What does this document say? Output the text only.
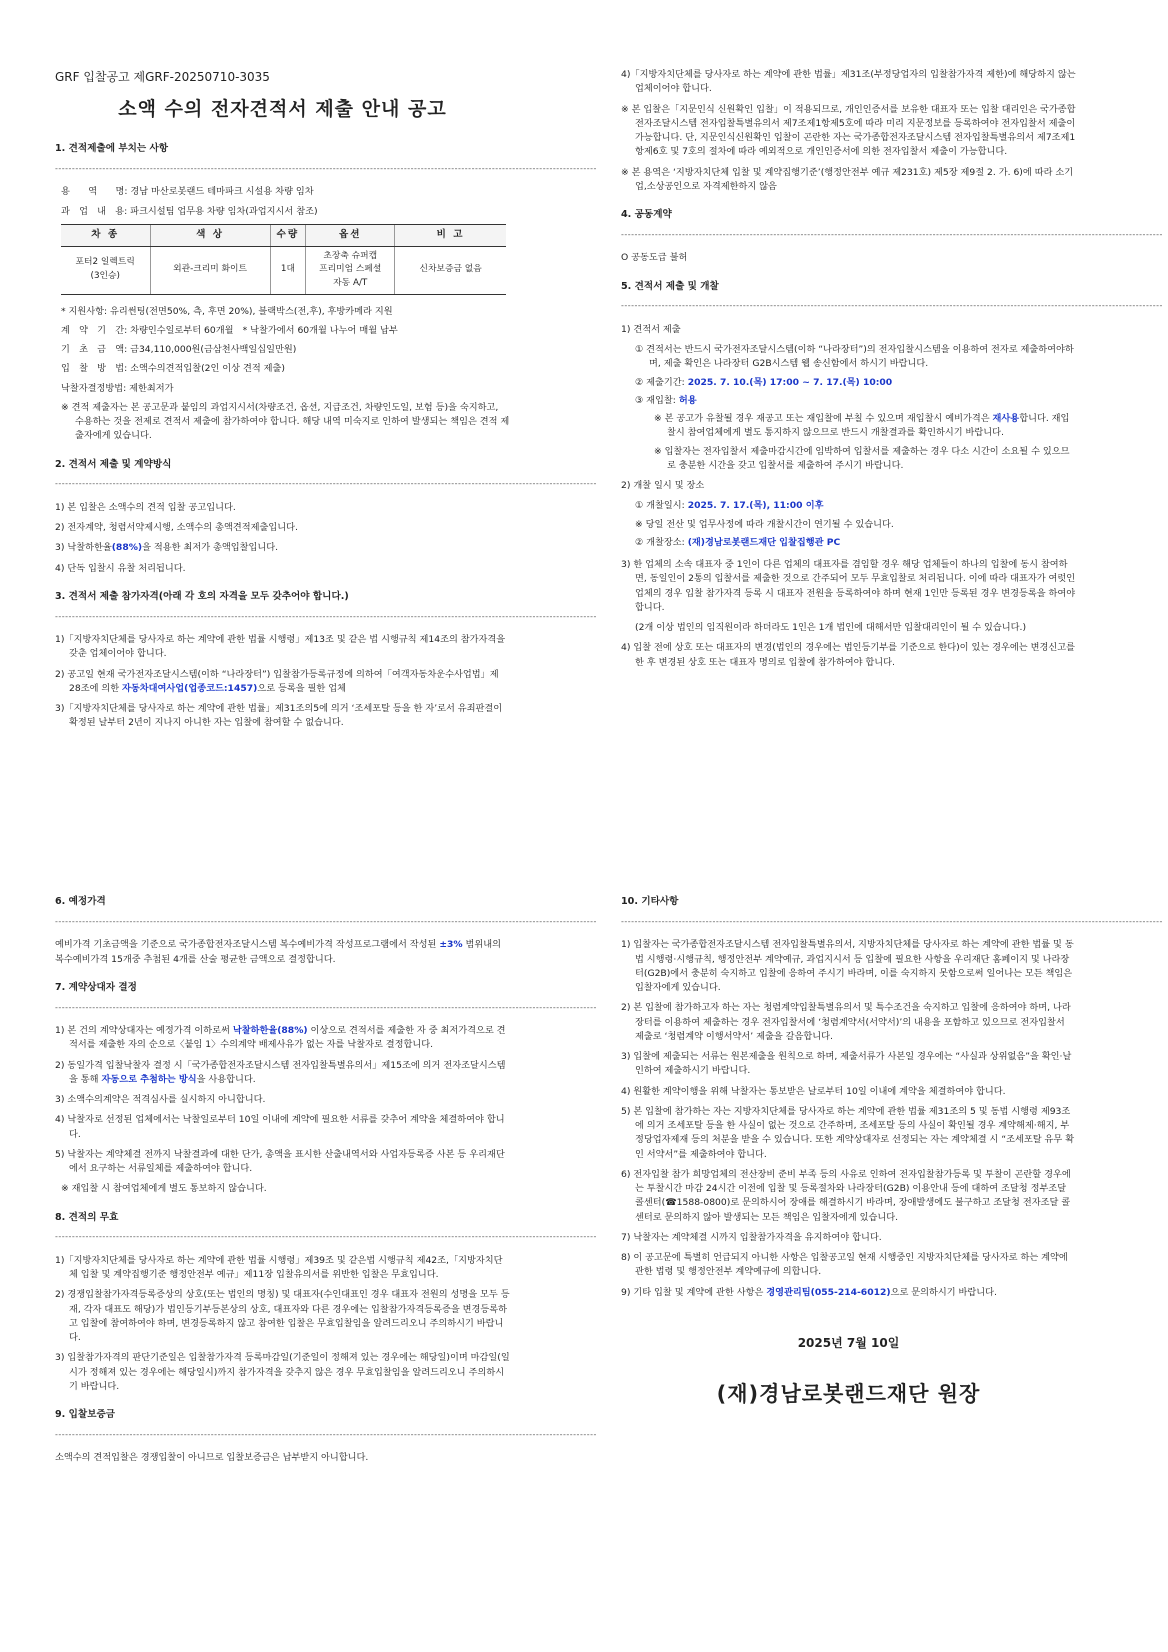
GRF 입찰공고 제GRF-20250710-3035
소액 수의 전자견적서 제출 안내 공고
1. 견적제출에 부치는 사항
----------------------------------------------------------------------------------------------------------------------------------------------------------------
용　　역　　명: 경남 마산로봇랜드 테마파크 시설용 차량 임차
과　업　내　용: 파크시설팀 업무용 차량 임차(과업지시서 참조)
차 종	색 상	수량	옵션	비 고
포터2 일렉트릭
(3인승)	외관-크리미 화이트	1대	초장축 슈퍼캡
프리미엄 스페셜
자동 A/T	신차보증금 없음
* 지원사항: 유리썬팅(전면50%, 측, 후면 20%), 블랙박스(전,후), 후방카메라 지원
계　약　기　간: 차량인수일로부터 60개월　* 낙찰가에서 60개월 나누어 매월 납부
기　초　금　액: 금34,110,000원(금삼천사백일십일만원)
입　찰　방　법: 소액수의견적입찰(2인 이상 견적 제출)
낙찰자결정방법: 제한최저가
※ 견적 제출자는 본 공고문과 붙임의 과업지시서(차량조건, 옵션, 지급조건, 차량인도일, 보험 등)을 숙지하고, 수용하는 것을 전제로 견적서 제출에 참가하여야 합니다. 해당 내역 미숙지로 인하여 발생되는 책임은 견적 제출자에게 있습니다.
2. 견적서 제출 및 계약방식
----------------------------------------------------------------------------------------------------------------------------------------------------------------
1) 본 입찰은 소액수의 견적 입찰 공고입니다.
2) 전자계약, 청렴서약제시행, 소액수의 총액견적제출입니다.
3) 낙찰하한율(88%)을 적용한 최저가 총액입찰입니다.
4) 단독 입찰시 유찰 처리됩니다.
3. 견적서 제출 참가자격(아래 각 호의 자격을 모두 갖추어야 합니다.)
----------------------------------------------------------------------------------------------------------------------------------------------------------------
1)「지방자치단체를 당사자로 하는 계약에 관한 법률 시행령」제13조 및 같은 법 시행규칙 제14조의 참가자격을 갖춘 업체이어야 합니다.
2) 공고일 현재 국가전자조달시스템(이하 “나라장터”) 입찰참가등록규정에 의하여「여객자동차운수사업법」제28조에 의한 자동차대여사업(업종코드:1457)으로 등록을 필한 업체
3)「지방자치단체를 당사자로 하는 계약에 관한 법률」제31조의5에 의거 ‘조세포탈 등을 한 자’로서 유죄판결이 확정된 날부터 2년이 지나지 아니한 자는 입찰에 참여할 수 없습니다.
4)「지방자치단체를 당사자로 하는 계약에 관한 법률」제31조(부정당업자의 입찰참가자격 제한)에 해당하지 않는 업체이어야 합니다.
※ 본 입찰은「지문인식 신원확인 입찰」이 적용되므로, 개인인증서를 보유한 대표자 또는 입찰 대리인은 국가종합전자조달시스템 전자입찰특별유의서 제7조제1항제5호에 따라 미리 지문정보를 등록하여야 전자입찰서 제출이 가능합니다. 단, 지문인식신원확인 입찰이 곤란한 자는 국가종합전자조달시스템 전자입찰특별유의서 제7조제1항제6호 및 7호의 절차에 따라 예외적으로 개인인증서에 의한 전자입찰서 제출이 가능합니다.
※ 본 용역은 ‘지방자치단체 입찰 및 계약집행기준’(행정안전부 예규 제231호) 제5장 제9절 2. 가. 6)에 따라 소기업,소상공인으로 자격제한하지 않음
4. 공동계약
----------------------------------------------------------------------------------------------------------------------------------------------------------------
O 공동도급 불허
5. 견적서 제출 및 개찰
----------------------------------------------------------------------------------------------------------------------------------------------------------------
1) 견적서 제출
① 견적서는 반드시 국가전자조달시스템(이하 “나라장터”)의 전자입찰시스템을 이용하여 전자로 제출하여야하며, 제출 확인은 나라장터 G2B시스템 웹 송신함에서 하시기 바랍니다.
② 제출기간: 2025. 7. 10.(목) 17:00 ~ 7. 17.(목) 10:00
③ 재입찰: 허용
※ 본 공고가 유찰될 경우 재공고 또는 재입찰에 부칠 수 있으며 재입찰시 예비가격은 재사용합니다. 재입찰시 참여업체에게 별도 통지하지 않으므로 반드시 개찰결과를 확인하시기 바랍니다.
※ 입찰자는 전자입찰서 제출마감시간에 임박하여 입찰서를 제출하는 경우 다소 시간이 소요될 수 있으므로 충분한 시간을 갖고 입찰서를 제출하여 주시기 바랍니다.
2) 개찰 일시 및 장소
① 개찰일시: 2025. 7. 17.(목), 11:00 이후
※ 당일 전산 및 업무사정에 따라 개찰시간이 연기될 수 있습니다.
② 개찰장소: (재)경남로봇랜드재단 입찰집행관 PC
3) 한 업체의 소속 대표자 중 1인이 다른 업체의 대표자를 겸임할 경우 해당 업체들이 하나의 입찰에 동시 참여하면, 동일인이 2통의 입찰서를 제출한 것으로 간주되어 모두 무효입찰로 처리됩니다. 이에 따라 대표자가 여럿인 업체의 경우 입찰 참가자격 등록 시 대표자 전원을 등록하여야 하며 현재 1인만 등록된 경우 변경등록을 하여야 합니다.
(2개 이상 법인의 임직원이라 하더라도 1인은 1개 법인에 대해서만 입찰대리인이 될 수 있습니다.)
4) 입찰 전에 상호 또는 대표자의 변경(법인의 경우에는 법인등기부를 기준으로 한다)이 있는 경우에는 변경신고를 한 후 변경된 상호 또는 대표자 명의로 입찰에 참가하여야 합니다.
6. 예정가격
----------------------------------------------------------------------------------------------------------------------------------------------------------------
예비가격 기초금액을 기준으로 국가종합전자조달시스템 복수예비가격 작성프로그램에서 작성된 ±3% 범위내의 복수예비가격 15개중 추첨된 4개를 산술 평균한 금액으로 결정합니다.
7. 계약상대자 결정
----------------------------------------------------------------------------------------------------------------------------------------------------------------
1) 본 건의 계약상대자는 예정가격 이하로써 낙찰하한율(88%) 이상으로 견적서를 제출한 자 중 최저가격으로 견적서를 제출한 자의 순으로〈붙임 1〉수의계약 배제사유가 없는 자를 낙찰자로 결정합니다.
2) 동일가격 입찰낙찰자 결정 시「국가종합전자조달시스템 전자입찰특별유의서」제15조에 의거 전자조달시스템을 통해 자동으로 추첨하는 방식을 사용합니다.
3) 소액수의계약은 적격심사를 실시하지 아니합니다.
4) 낙찰자로 선정된 업체에서는 낙찰일로부터 10일 이내에 계약에 필요한 서류를 갖추어 계약을 체결하여야 합니다.
5) 낙찰자는 계약체결 전까지 낙찰결과에 대한 단가, 총액을 표시한 산출내역서와 사업자등록증 사본 등 우리재단에서 요구하는 서류일체를 제출하여야 합니다.
※ 재입찰 시 참여업체에게 별도 통보하지 않습니다.
8. 견적의 무효
----------------------------------------------------------------------------------------------------------------------------------------------------------------
1)「지방자치단체를 당사자로 하는 계약에 관한 법률 시행령」제39조 및 같은법 시행규칙 제42조,「지방자치단체 입찰 및 계약집행기준 행정안전부 예규」제11장 입찰유의서를 위반한 입찰은 무효입니다.
2) 경쟁입찰참가자격등록증상의 상호(또는 법인의 명칭) 및 대표자(수인대표인 경우 대표자 전원의 성명을 모두 등재, 각자 대표도 해당)가 법인등기부등본상의 상호, 대표자와 다른 경우에는 입찰참가자격등록증을 변경등록하고 입찰에 참여하여야 하며, 변경등록하지 않고 참여한 입찰은 무효입찰임을 알려드리오니 주의하시기 바랍니다.
3) 입찰참가자격의 판단기준일은 입찰참가자격 등록마감일(기준일이 정해져 있는 경우에는 해당일)이며 마감일(일시가 정해져 있는 경우에는 해당일시)까지 참가자격을 갖추지 않은 경우 무효입찰임을 알려드리오니 주의하시기 바랍니다.
9. 입찰보증금
----------------------------------------------------------------------------------------------------------------------------------------------------------------
소액수의 견적입찰은 경쟁입찰이 아니므로 입찰보증금은 납부받지 아니합니다.
10. 기타사항
----------------------------------------------------------------------------------------------------------------------------------------------------------------
1) 입찰자는 국가종합전자조달시스템 전자입찰특별유의서, 지방자치단체를 당사자로 하는 계약에 관한 법률 및 동법 시행령·시행규칙, 행정안전부 계약예규, 과업지시서 등 입찰에 필요한 사항을 우리재단 홈페이지 및 나라장터(G2B)에서 충분히 숙지하고 입찰에 응하여 주시기 바라며, 이를 숙지하지 못함으로써 일어나는 모든 책임은 입찰자에게 있습니다.
2) 본 입찰에 참가하고자 하는 자는 청렴계약입찰특별유의서 및 특수조건을 숙지하고 입찰에 응하여야 하며, 나라장터를 이용하여 제출하는 경우 전자입찰서에 ‘청렴계약서(서약서)’의 내용을 포함하고 있으므로 전자입찰서 제출로 ‘청렴계약 이행서약서’ 제출을 갈음합니다.
3) 입찰에 제출되는 서류는 원본제출을 원칙으로 하며, 제출서류가 사본일 경우에는 “사실과 상위없음”을 확인·날인하여 제출하시기 바랍니다.
4) 원활한 계약이행을 위해 낙찰자는 통보받은 날로부터 10일 이내에 계약을 체결하여야 합니다.
5) 본 입찰에 참가하는 자는 지방자치단체를 당사자로 하는 계약에 관한 법률 제31조의 5 및 동법 시행령 제93조에 의거 조세포탈 등을 한 사실이 없는 것으로 간주하며, 조세포탈 등의 사실이 확인될 경우 계약해제·해지, 부정당업자제재 등의 처분을 받을 수 있습니다. 또한 계약상대자로 선정되는 자는 계약체결 시 “조세포탈 유무 확인 서약서”를 제출하여야 합니다.
6) 전자입찰 참가 희망업체의 전산장비 준비 부족 등의 사유로 인하여 전자입찰참가등록 및 투찰이 곤란할 경우에는 투찰시간 마감 24시간 이전에 입찰 및 등록절차와 나라장터(G2B) 이용안내 등에 대하여 조달청 정부조달 콜센터(☎1588-0800)로 문의하시어 장애를 해결하시기 바라며, 장애발생에도 불구하고 조달청 전자조달 콜센터로 문의하지 않아 발생되는 모든 책임은 입찰자에게 있습니다.
7) 낙찰자는 계약체결 시까지 입찰참가자격을 유지하여야 합니다.
8) 이 공고문에 특별히 언급되지 아니한 사항은 입찰공고일 현재 시행중인 지방자치단체를 당사자로 하는 계약에 관한 법령 및 행정안전부 계약예규에 의합니다.
9) 기타 입찰 및 계약에 관한 사항은 경영관리팀(055-214-6012)으로 문의하시기 바랍니다.
2025년 7월 10일
(재)경남로봇랜드재단 원장
